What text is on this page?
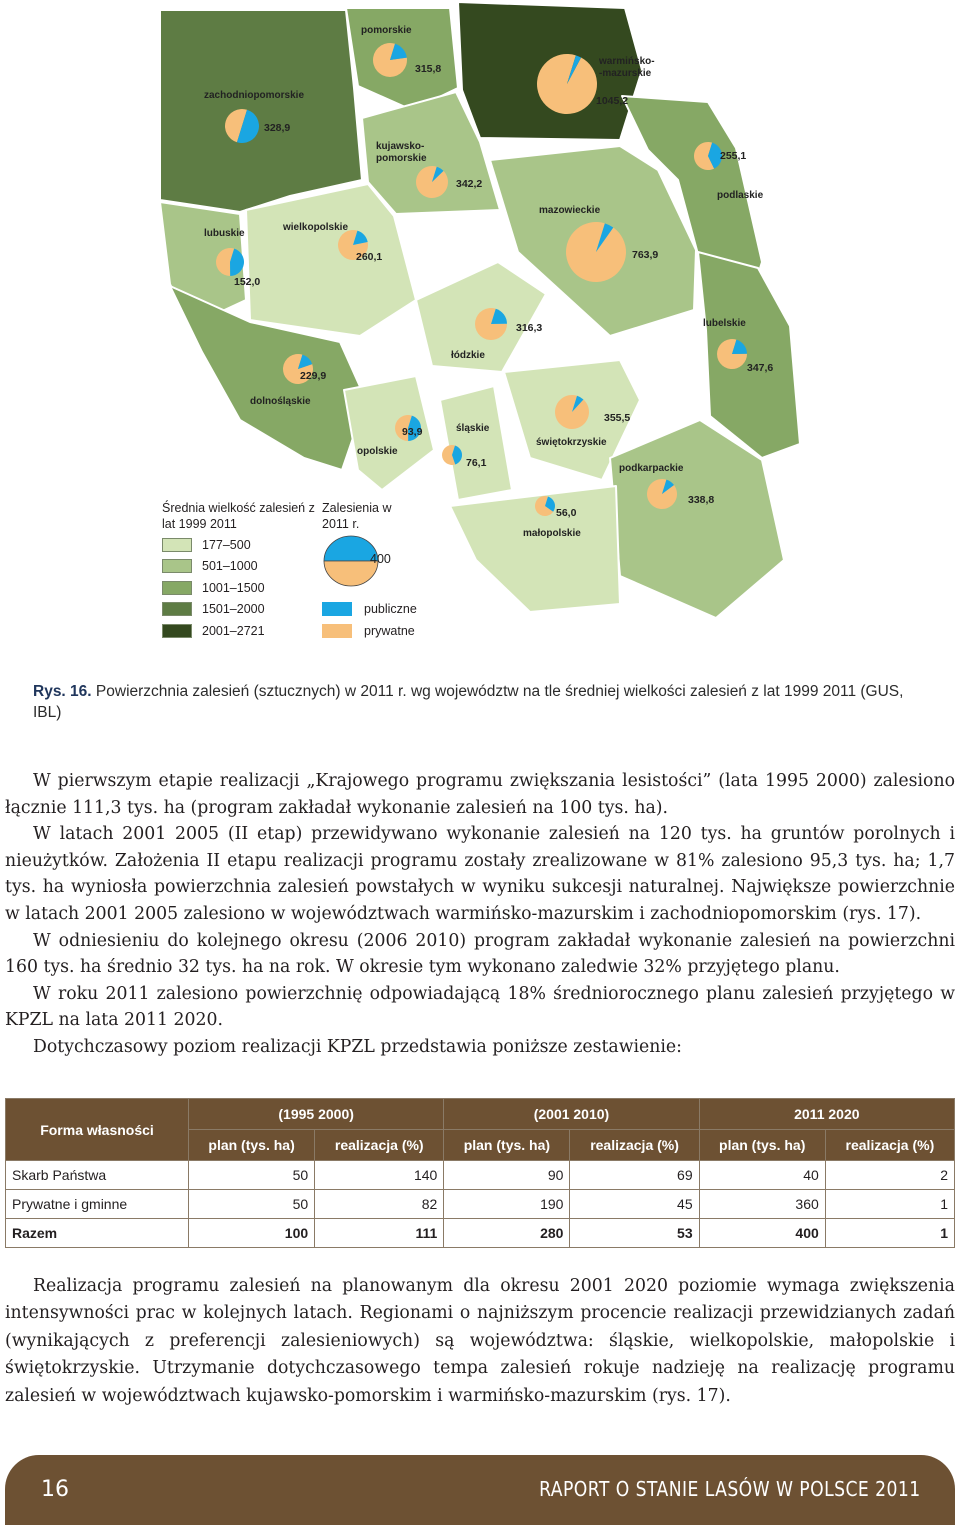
pomorskie
315,8
warmińsko--mazurskie
1045,2
zachodniopomorskie
328,9
kujawsko-pomorskie
342,2
podlaskie
255,1
mazowieckie
763,9
lubuskie
152,0
wielkopolskie
260,1
łódzkie
316,3	lubelskie
347,6
dolnośląskie
229,9
opolskie
93,9	śląskie
76,1
świętokrzyskie
355,5
podkarpackie
338,8
małopolskie
56,0
Średnia wielkość zalesień z lat 1999 2011
177–500
501–1000
1001–1500
1501–2000
2001–2721
Zalesienia w 2011 r.
400
publiczne
prywatne
Rys. 16. Powierzchnia zalesień (sztucznych) w 2011 r. wg województw na tle średniej wielkości zalesień z lat 1999 2011 (GUS, IBL)

W pierwszym etapie realizacji „Krajowego programu zwiększania lesistości” (lata 1995 2000) zalesiono łącznie 111,3 tys. ha (program zakładał wykonanie zalesień na 100 tys. ha).

W latach 2001 2005 (II etap) przewidywano wykonanie zalesień na 120 tys. ha gruntów porolnych i nieużytków. Założenia II etapu realizacji programu zostały zrealizowane w 81% zalesiono 95,3 tys. ha; 1,7 tys. ha wyniosła powierzchnia zalesień powstałych w wyniku sukcesji naturalnej. Największe powierzchnie w latach 2001 2005 zalesiono w województwach warmińsko-mazurskim i zachodniopomorskim (rys. 17).

W odniesieniu do kolejnego okresu (2006 2010) program zakładał wykonanie zalesień na powierzchni 160 tys. ha średnio 32 tys. ha na rok. W okresie tym wykonano zaledwie 32% przyjętego planu.

W roku 2011 zalesiono powierzchnię odpowiadającą 18% średniorocznego planu zalesień przyjętego w KPZL na lata 2011 2020.

Dotychczasowy poziom realizacji KPZL przedstawia poniższe zestawienie:

Forma własności	(1995 2000)		(2001 2010)		2011 2020	
	plan (tys. ha)	realizacja (%)	plan (tys. ha)	realizacja (%)	plan (tys. ha)	realizacja (%)
Skarb Państwa	50	140	90	69	40	2
Prywatne i gminne	50	82	190	45	360	1
Razem	100	111	280	53	400	1

Realizacja programu zalesień na planowanym dla okresu 2001 2020 poziomie wymaga zwiększenia intensywności prac w kolejnych latach. Regionami o najniższym procencie realizacji przewidzianych zadań (wynikających z preferencji zalesieniowych) są województwa: śląskie, wielkopolskie, małopolskie i świętokrzyskie. Utrzymanie dotychczasowego tempa zalesień rokuje nadzieję na realizację programu zalesień w województwach kujawsko-pomorskim i warmińsko-mazurskim (rys. 17).

16	RAPORT O STANIE LASÓW W POLSCE 2011
